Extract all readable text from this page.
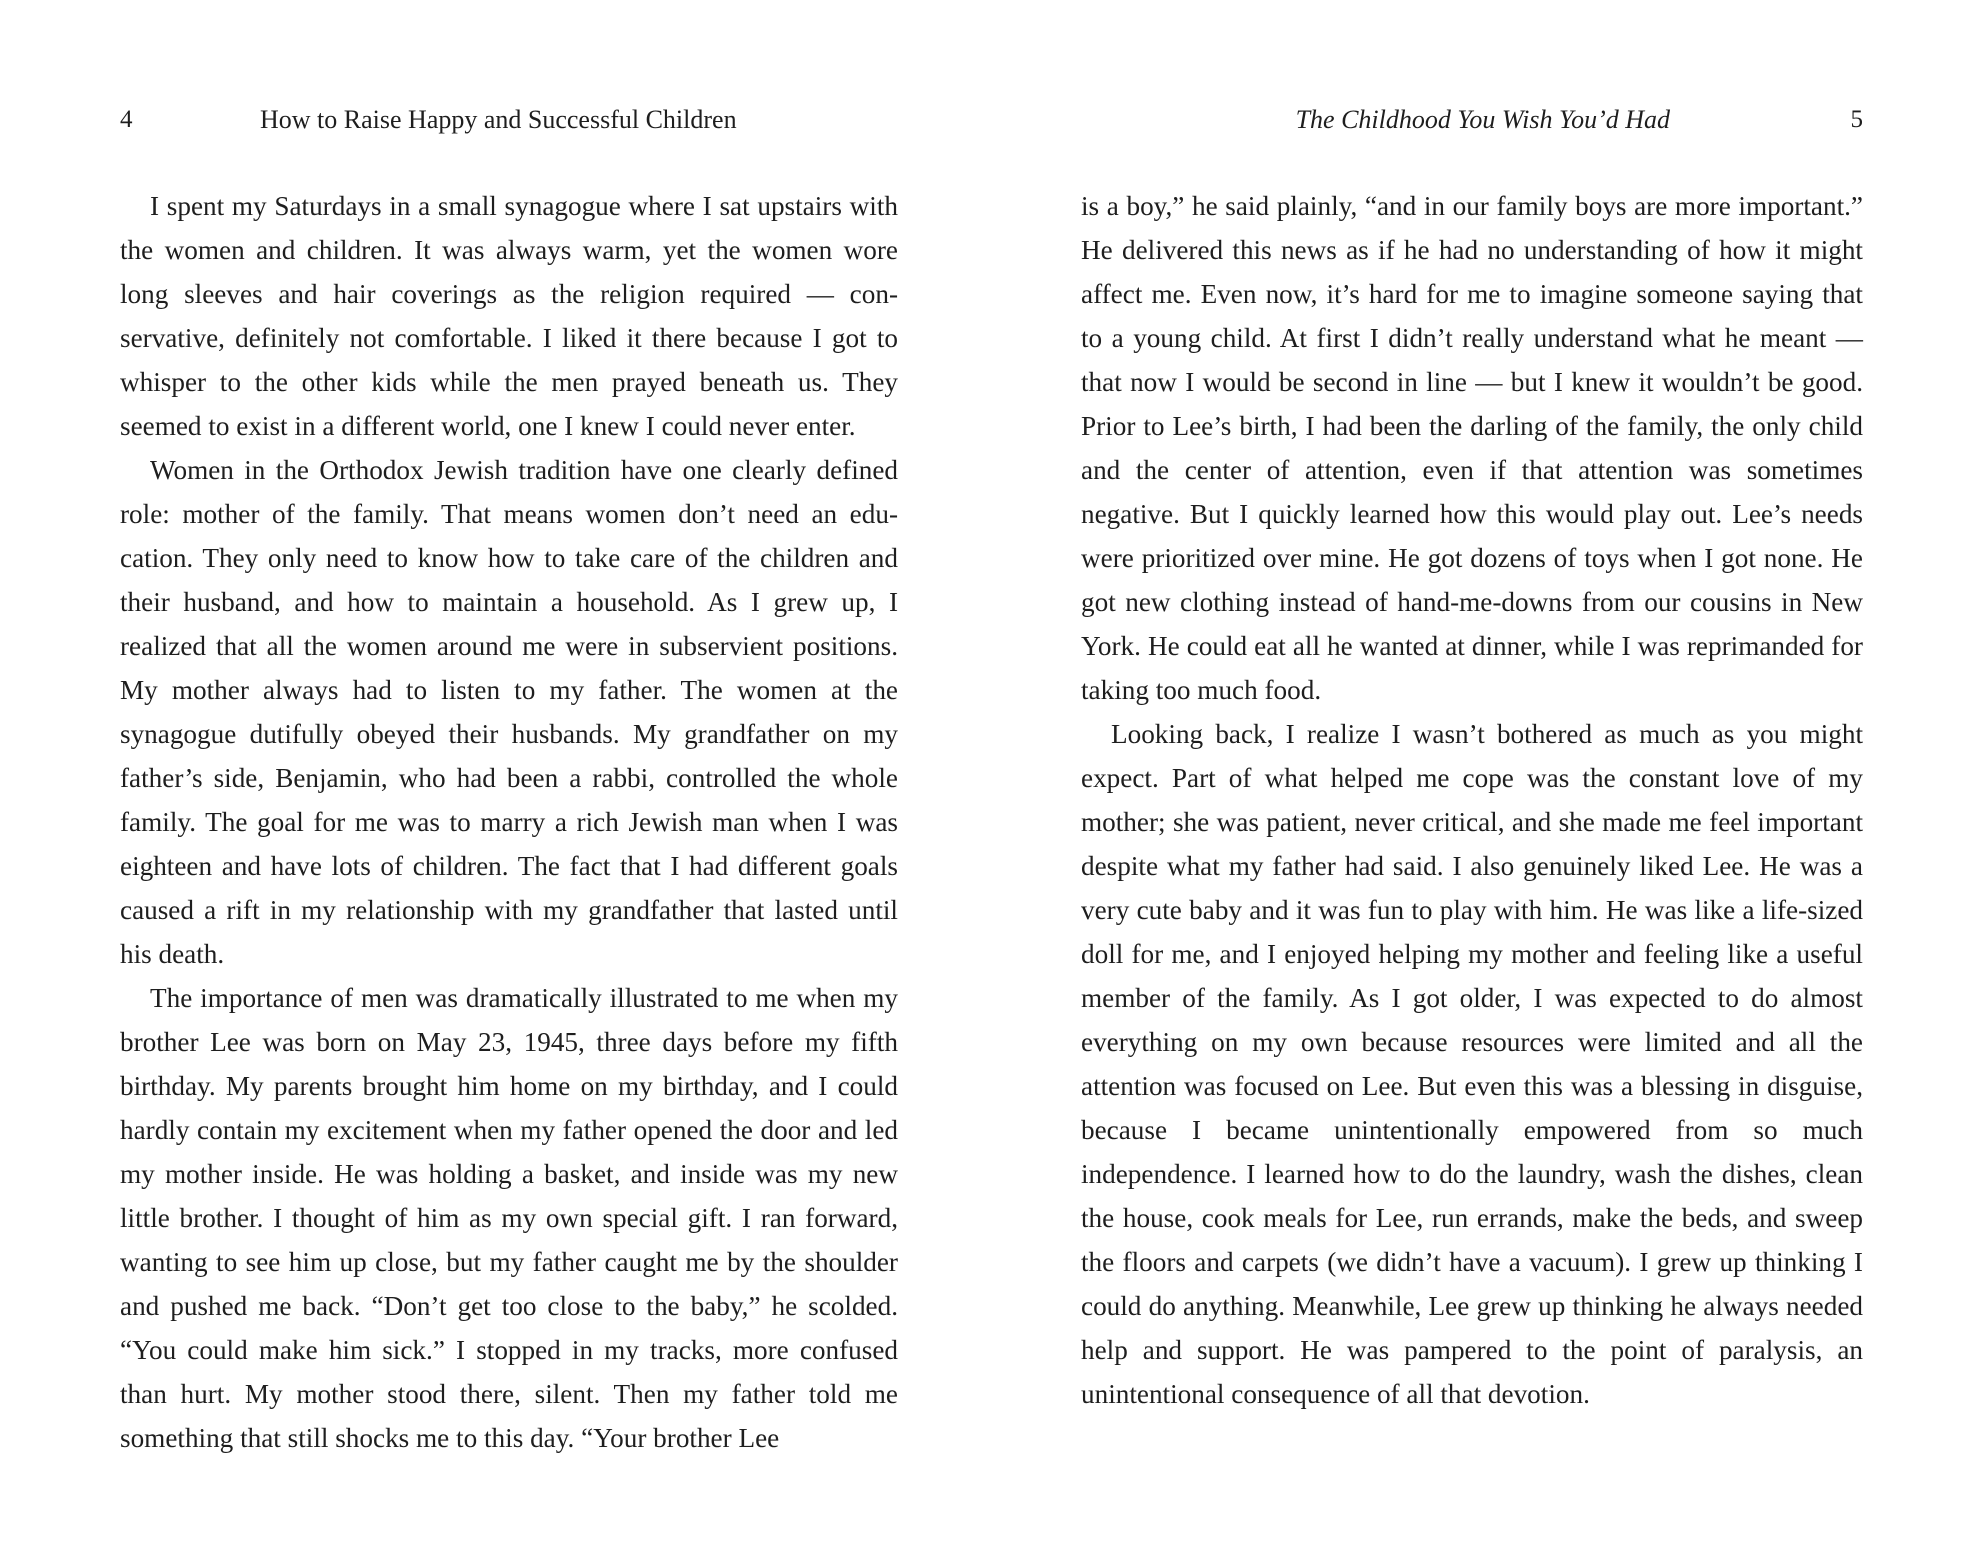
4	How to Raise Happy and Successful Children

I spent my Saturdays in a small synagogue where I sat upstairs with the women and children. It was always warm, yet the women wore long sleeves and hair coverings as the religion required — conservative, definitely not comfortable. I liked it there because I got to whisper to the other kids while the men prayed beneath us. They seemed to exist in a different world, one I knew I could never enter.

Women in the Orthodox Jewish tradition have one clearly defined role: mother of the family. That means women don’t need an education. They only need to know how to take care of the children and their husband, and how to maintain a household. As I grew up, I realized that all the women around me were in subservient positions. My mother always had to listen to my father. The women at the synagogue dutifully obeyed their husbands. My grandfather on my father’s side, Benjamin, who had been a rabbi, controlled the whole family. The goal for me was to marry a rich Jewish man when I was eighteen and have lots of children. The fact that I had different goals caused a rift in my relationship with my grandfather that lasted until his death.

The importance of men was dramatically illustrated to me when my brother Lee was born on May 23, 1945, three days before my fifth birthday. My parents brought him home on my birthday, and I could hardly contain my excitement when my father opened the door and led my mother inside. He was holding a basket, and inside was my new little brother. I thought of him as my own special gift. I ran forward, wanting to see him up close, but my father caught me by the shoulder and pushed me back. “Don’t get too close to the baby,” he scolded. “You could make him sick.” I stopped in my tracks, more confused than hurt. My mother stood there, silent. Then my father told me something that still shocks me to this day. “Your brother Lee

The Childhood You Wish You’d Had	5

is a boy,” he said plainly, “and in our family boys are more important.” He delivered this news as if he had no understanding of how it might affect me. Even now, it’s hard for me to imagine someone saying that to a young child. At first I didn’t really understand what he meant — that now I would be second in line — but I knew it wouldn’t be good. Prior to Lee’s birth, I had been the darling of the family, the only child and the center of attention, even if that attention was sometimes negative. But I quickly learned how this would play out. Lee’s needs were prioritized over mine. He got dozens of toys when I got none. He got new clothing instead of hand-me-downs from our cousins in New York. He could eat all he wanted at dinner, while I was reprimanded for taking too much food.

Looking back, I realize I wasn’t bothered as much as you might expect. Part of what helped me cope was the constant love of my mother; she was patient, never critical, and she made me feel important despite what my father had said. I also genuinely liked Lee. He was a very cute baby and it was fun to play with him. He was like a life-sized doll for me, and I enjoyed helping my mother and feeling like a useful member of the family. As I got older, I was expected to do almost everything on my own because resources were limited and all the attention was focused on Lee. But even this was a blessing in disguise, because I became unintentionally empowered from so much independence. I learned how to do the laundry, wash the dishes, clean the house, cook meals for Lee, run errands, make the beds, and sweep the floors and carpets (we didn’t have a vacuum). I grew up thinking I could do anything. Meanwhile, Lee grew up thinking he always needed help and support. He was pampered to the point of paralysis, an unintentional consequence of all that devotion.
